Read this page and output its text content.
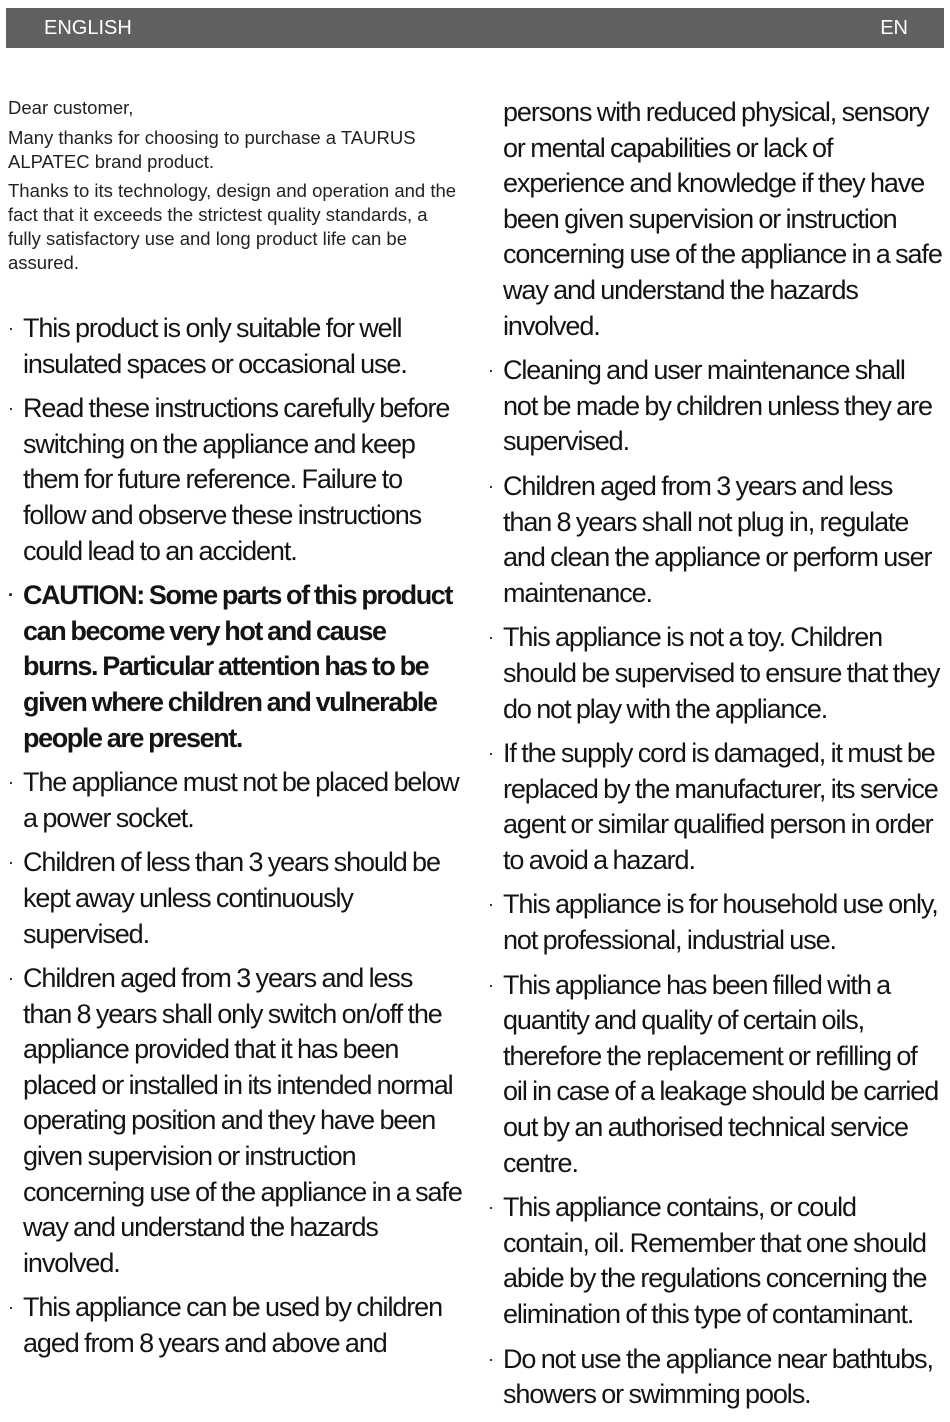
ENGLISH	EN

Dear customer,

Many thanks for choosing to purchase a TAURUS ALPATEC brand product.

Thanks to its technology, design and operation and the fact that it exceeds the strictest quality standards, a fully satisfactory use and long product life can be assured.

· This product is only suitable for well insulated spaces or occasional use.
· Read these instructions carefully before switching on the appliance and keep them for future reference. Failure to follow and observe these instructions could lead to an accident.
· CAUTION: Some parts of this product can become very hot and cause burns. Particular attention has to be given where children and vulnerable people are present.
· The appliance must not be placed below a power socket.
· Children of less than 3 years should be kept away unless continuously supervised.
· Children aged from 3 years and less than 8 years shall only switch on/off the appliance provided that it has been placed or installed in its intended normal operating position and they have been given supervision or instruction concerning use of the appliance in a safe way and understand the hazards involved.
· This appliance can be used by children aged from 8 years and above and
persons with reduced physical, sensory or mental capabilities or lack of experience and knowledge if they have been given supervision or instruction concerning use of the appliance in a safe way and understand the hazards involved.
· Cleaning and user maintenance shall not be made by children unless they are supervised.
· Children aged from 3 years and less than 8 years shall not plug in, regulate and clean the appliance or perform user maintenance.
· This appliance is not a toy. Children should be supervised to ensure that they do not play with the appliance.
· If the supply cord is damaged, it must be replaced by the manufacturer, its service agent or similar qualified person in order to avoid a hazard.
· This appliance is for household use only, not professional, industrial use.
· This appliance has been filled with a quantity and quality of certain oils, therefore the replacement or refilling of oil in case of a leakage should be carried out by an authorised technical service centre.
· This appliance contains, or could contain, oil. Remember that one should abide by the regulations concerning the elimination of this type of contaminant.
· Do not use the appliance near bathtubs, showers or swimming pools.
